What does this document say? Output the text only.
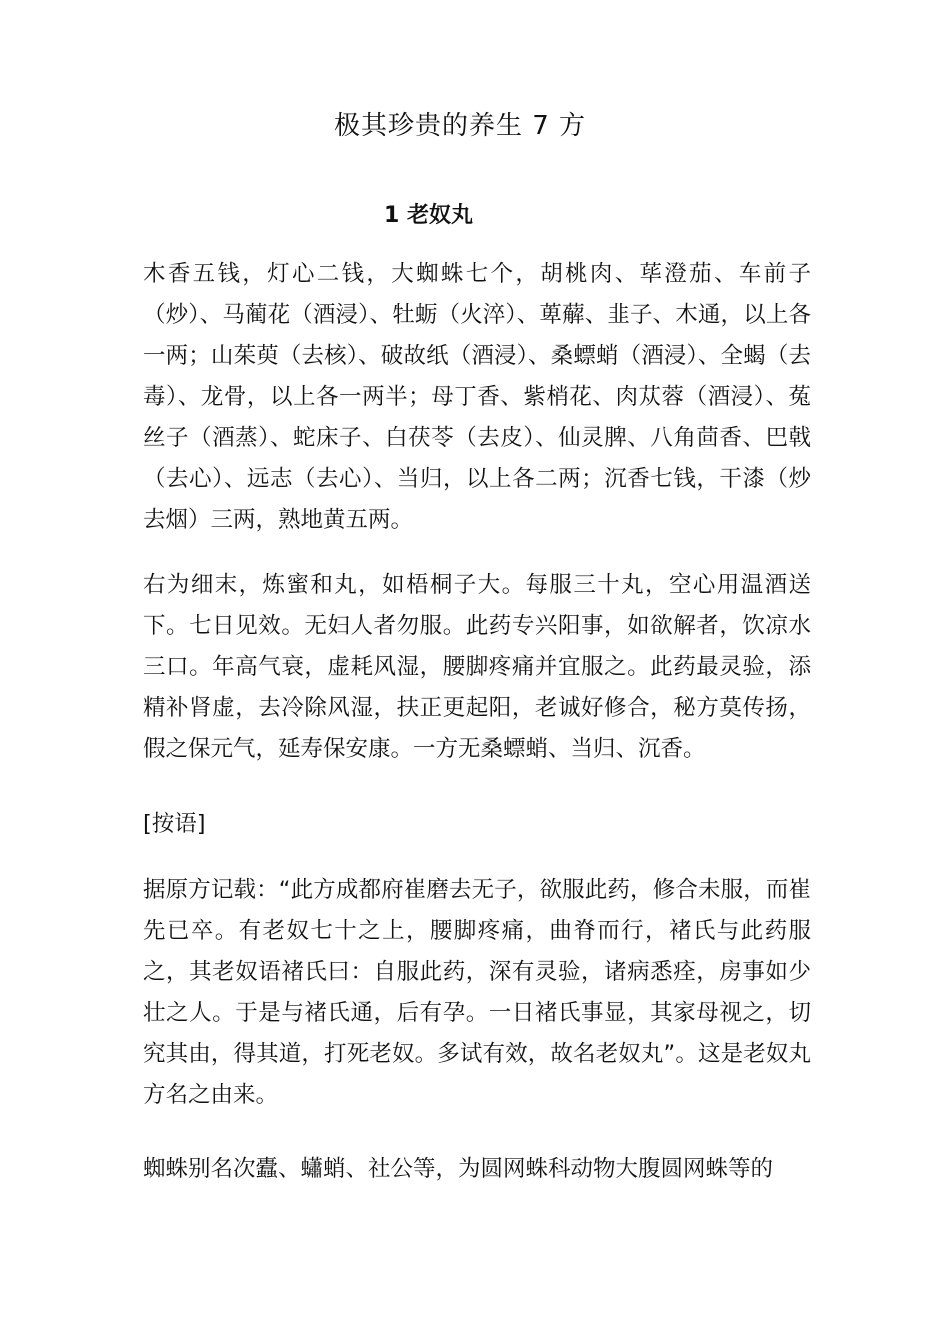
极其珍贵的养生 7 方
1 老奴丸

木香五钱，灯心二钱，大蜘蛛七个，胡桃肉、荜澄茄、车前子（炒）、马蔺花（酒浸）、牡蛎（火淬）、萆薢、韭子、木通，以上各一两；山茱萸（去核）、破故纸（酒浸）、桑螵蛸（酒浸）、全蝎（去毒）、龙骨，以上各一两半；母丁香、紫梢花、肉苁蓉（酒浸）、菟丝子（酒蒸）、蛇床子、白茯苓（去皮）、仙灵脾、八角茴香、巴戟（去心）、远志（去心）、当归，以上各二两；沉香七钱，干漆（炒去烟）三两，熟地黄五两。

右为细末，炼蜜和丸，如梧桐子大。每服三十丸，空心用温酒送下。七日见效。无妇人者勿服。此药专兴阳事，如欲解者，饮凉水三口。年高气衰，虚耗风湿，腰脚疼痛并宜服之。此药最灵验，添精补肾虚，去冷除风湿，扶正更起阳，老诚好修合，秘方莫传扬，假之保元气，延寿保安康。一方无桑螵蛸、当归、沉香。

[按语]

据原方记载：“此方成都府崔磨去无子，欲服此药，修合未服，而崔先已卒。有老奴七十之上，腰脚疼痛，曲脊而行，褚氏与此药服之，其老奴语褚氏曰：自服此药，深有灵验，诸病悉痊，房事如少壮之人。于是与褚氏通，后有孕。一日褚氏事显，其家母视之，切究其由，得其道，打死老奴。多试有效，故名老奴丸”。这是老奴丸方名之由来。

蜘蛛别名次蠹、蠨蛸、社公等，为圆网蛛科动物大腹圆网蛛等的
